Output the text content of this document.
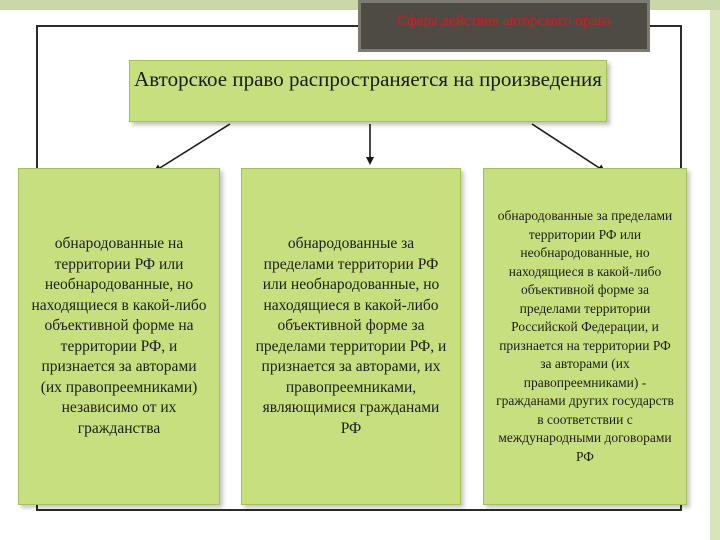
Сфера действия авторского права
Авторское право распространяется на произведения
обнародованные на территории РФ или необнародованные, но находящиеся в какой-либо объективной форме на территории РФ, и признается за авторами (их правопреемниками) независимо от их гражданства
обнародованные за пределами территории РФ или необнародованные, но находящиеся в какой-либо объективной форме за пределами территории РФ, и признается за авторами, их правопреемниками, являющимися гражданами РФ
обнародованные за пределами территории РФ или необнародованные, но находящиеся в какой-либо объективной форме за пределами территории Российской Федерации, и признается на территории РФ за авторами (их правопреемниками) - гражданами других государств в соответствии с международными договорами РФ
